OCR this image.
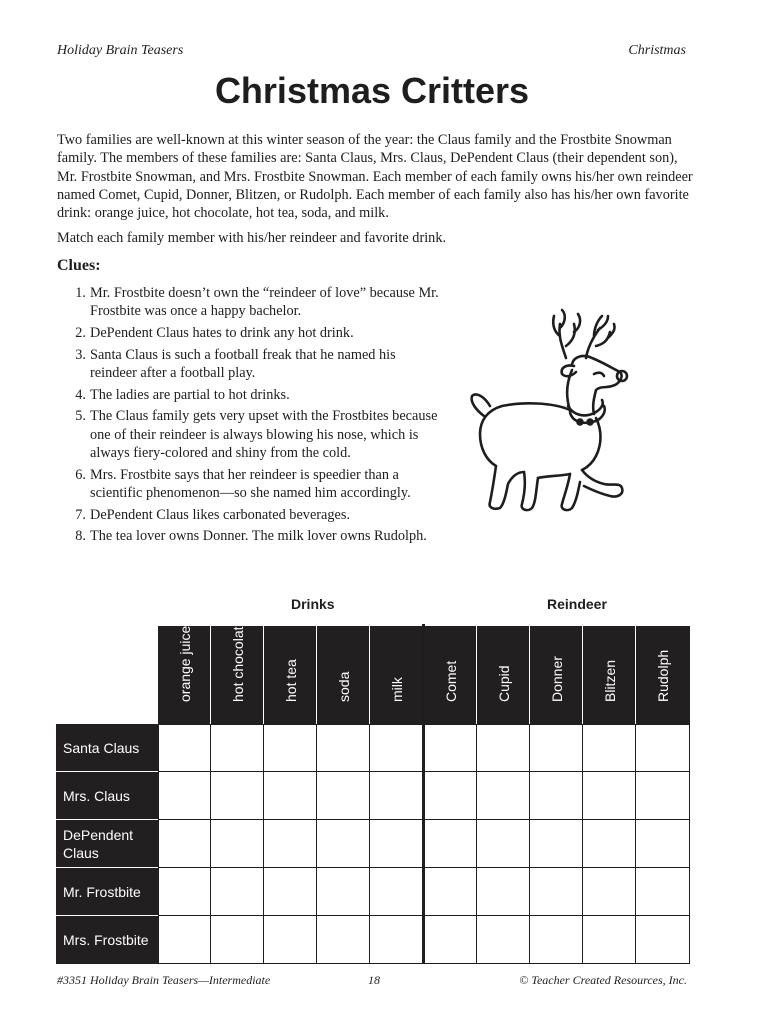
Holiday Brain Teasers	Christmas
Christmas Critters

Two families are well-known at this winter season of the year: the Claus family and the Frostbite Snowman family. The members of these families are: Santa Claus, Mrs. Claus, DePendent Claus (their dependent son), Mr. Frostbite Snowman, and Mrs. Frostbite Snowman. Each member of each family owns his/her own reindeer named Comet, Cupid, Donner, Blitzen, or Rudolph. Each member of each family also has his/her own favorite drink: orange juice, hot chocolate, hot tea, soda, and milk.

Match each family member with his/her reindeer and favorite drink.

Clues:
1. Mr. Frostbite doesn’t own the “reindeer of love” because Mr. Frostbite was once a happy bachelor.
2. DePendent Claus hates to drink any hot drink.
3. Santa Claus is such a football freak that he named his reindeer after a football play.
4. The ladies are partial to hot drinks.
5. The Claus family gets very upset with the Frostbites because one of their reindeer is always blowing his nose, which is always fiery-colored and shiny from the cold.
6. Mrs. Frostbite says that her reindeer is speedier than a scientific phenomenon—so she named him accordingly.
7. DePendent Claus likes carbonated beverages.
8. The tea lover owns Donner. The milk lover owns Rudolph.
Drinks	Reindeer
orange juice	hot chocolate	hot tea	soda	milk	Comet	Cupid	Donner	Blitzen	Rudolph
Santa Claus
Mrs. Claus
DePendent Claus
Mr. Frostbite
Mrs. Frostbite
#3351 Holiday Brain Teasers—Intermediate	18	© Teacher Created Resources, Inc.
